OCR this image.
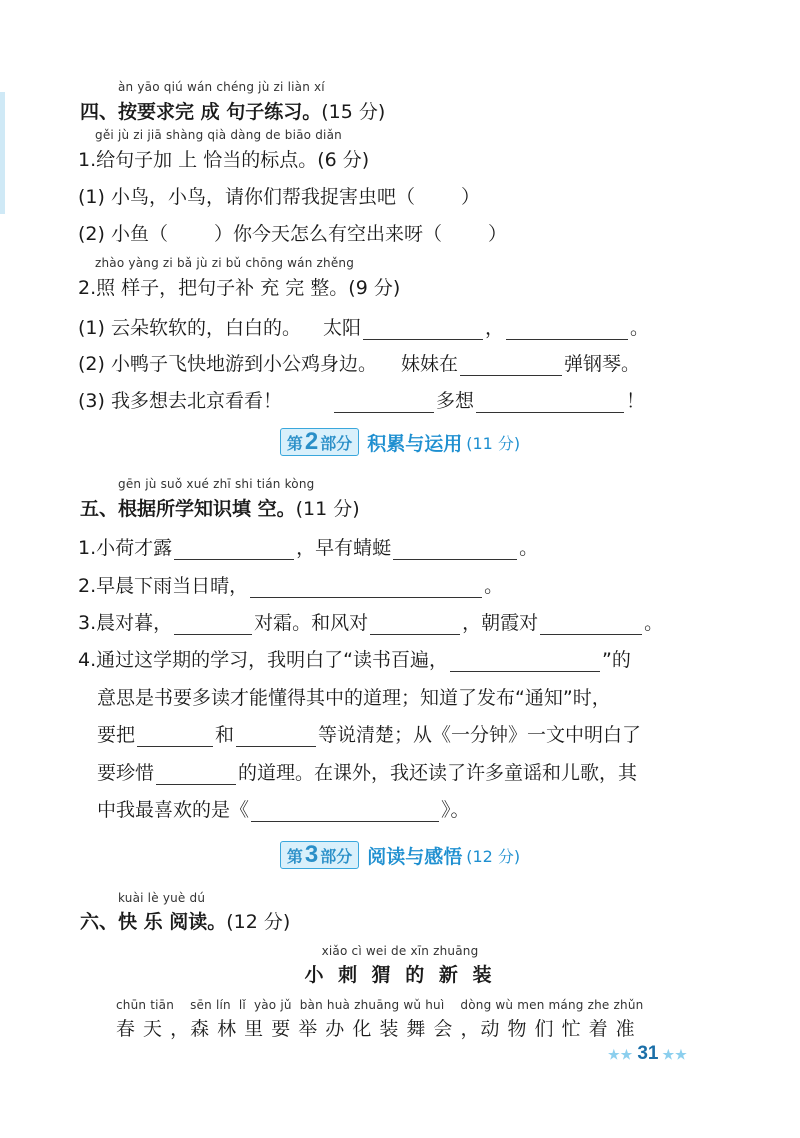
àn yāo qiú wán chéng jù zi liàn xí
四、按要求完 成 句子练习。(15 分)
gěi jù zi jiā shàng qià dàng de biāo diǎn
1.给句子加 上 恰当的标点。(6 分)
(1) 小鸟，小鸟，请你们帮我捉害虫吧（ ）
(2) 小鱼（ ）你今天怎么有空出来呀（ ）
zhào yàng zi bǎ jù zi bǔ chōng wán zhěng
2.照 样子，把句子补 充 完 整。(9 分)
(1) 云朵软软的，白白的。 太阳	，	。
(2) 小鸭子飞快地游到小公鸡身边。 妹妹在	弹钢琴。
(3) 我多想去北京看看！	多想	！
第 2 部分 积累与运用 (11 分)
gēn jù suǒ xué zhī shi tián kòng
五、根据所学知识填 空。(11 分)
1.小荷才露	，早有蜻蜓	。
2.早晨下雨当日晴，	。
3.晨对暮，	对霜。和风对	，朝霞对	。
4.通过这学期的学习，我明白了“读书百遍，	”的
意思是书要多读才能懂得其中的道理；知道了发布“通知”时，
要把	和	等说清楚；从《一分钟》一文中明白了
要珍惜	的道理。在课外，我还读了许多童谣和儿歌，其
中我最喜欢的是《	》。
第 3 部分 阅读与感悟 (12 分)
kuài lè yuè dú
六、快 乐 阅读。(12 分)
xiǎo cì wei de xīn zhuāng
小 刺 猬 的 新 装
chūn tiān    sēn lín  lǐ  yào jǔ  bàn huà zhuāng wǔ huì    dòng wù men máng zhe zhǔn
春 天 ，森 林 里 要 举 办 化 装 舞 会 ，动 物 们 忙 着 准
★★ 31 ★★
